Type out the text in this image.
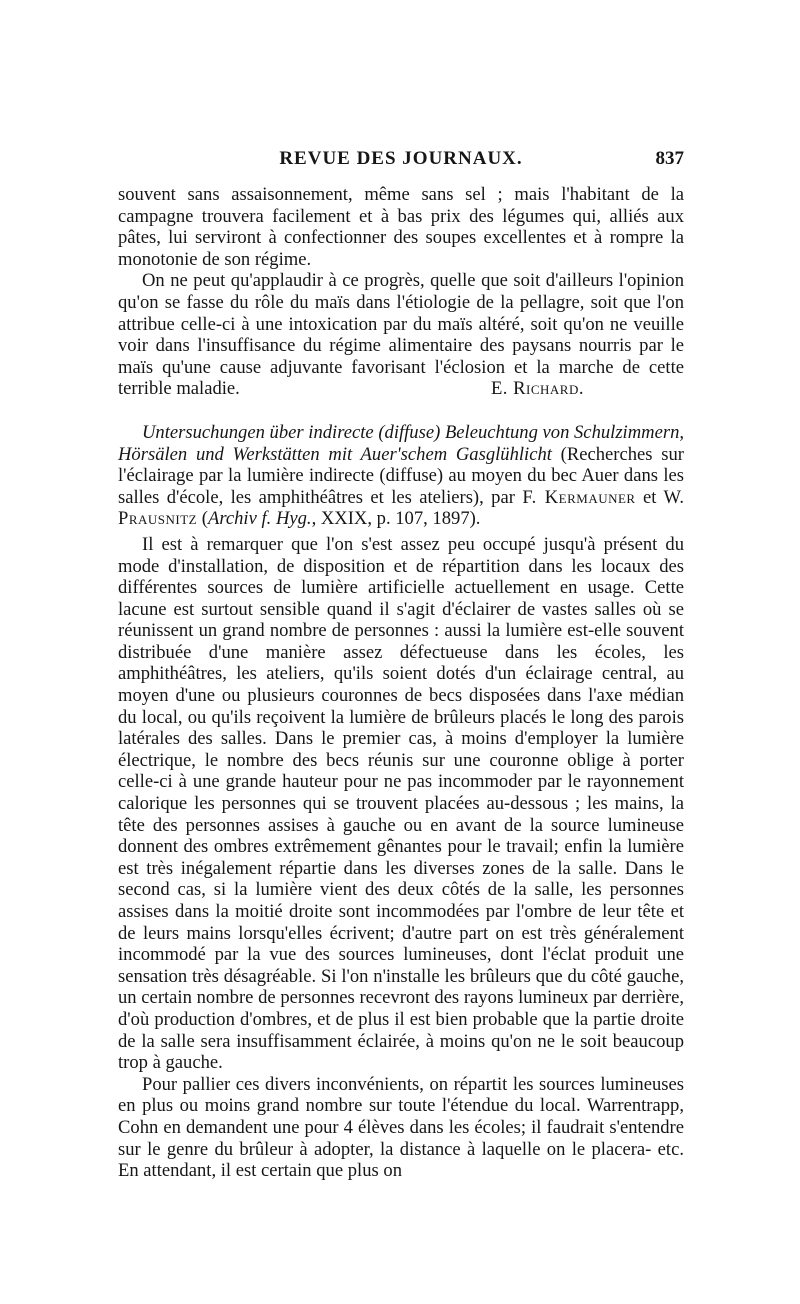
REVUE DES JOURNAUX.	837

souvent sans assaisonnement, même sans sel ; mais l'habitant de la campagne trouvera facilement et à bas prix des légumes qui, alliés aux pâtes, lui serviront à confectionner des soupes excellentes et à rompre la monotonie de son régime.

On ne peut qu'applaudir à ce progrès, quelle que soit d'ailleurs l'opinion qu'on se fasse du rôle du maïs dans l'étiologie de la pellagre, soit que l'on attribue celle-ci à une intoxication par du maïs altéré, soit qu'on ne veuille voir dans l'insuffisance du régime alimentaire des paysans nourris par le maïs qu'une cause adjuvante favorisant l'éclosion et la marche de cette terrible maladie.	E. Richard.

Untersuchungen über indirecte (diffuse) Beleuchtung von Schulzimmern, Hörsälen und Werkstätten mit Auer'schem Gasglühlicht (Recherches sur l'éclairage par la lumière indirecte (diffuse) au moyen du bec Auer dans les salles d'école, les amphithéâtres et les ateliers), par F. Kermauner et W. Prausnitz (Archiv f. Hyg., XXIX, p. 107, 1897).

Il est à remarquer que l'on s'est assez peu occupé jusqu'à présent du mode d'installation, de disposition et de répartition dans les locaux des différentes sources de lumière artificielle actuellement en usage. Cette lacune est surtout sensible quand il s'agit d'éclairer de vastes salles où se réunissent un grand nombre de personnes : aussi la lumière est-elle souvent distribuée d'une manière assez défectueuse dans les écoles, les amphithéâtres, les ateliers, qu'ils soient dotés d'un éclairage central, au moyen d'une ou plusieurs couronnes de becs disposées dans l'axe médian du local, ou qu'ils reçoivent la lumière de brûleurs placés le long des parois latérales des salles. Dans le premier cas, à moins d'employer la lumière électrique, le nombre des becs réunis sur une couronne oblige à porter celle-ci à une grande hauteur pour ne pas incommoder par le rayonnement calorique les personnes qui se trouvent placées au-dessous ; les mains, la tête des personnes assises à gauche ou en avant de la source lumineuse donnent des ombres extrêmement gênantes pour le travail; enfin la lumière est très inégalement répartie dans les diverses zones de la salle. Dans le second cas, si la lumière vient des deux côtés de la salle, les personnes assises dans la moitié droite sont incommodées par l'ombre de leur tête et de leurs mains lorsqu'elles écrivent; d'autre part on est très généralement incommodé par la vue des sources lumineuses, dont l'éclat produit une sensation très désagréable. Si l'on n'installe les brûleurs que du côté gauche, un certain nombre de personnes recevront des rayons lumineux par derrière, d'où production d'ombres, et de plus il est bien probable que la partie droite de la salle sera insuffisamment éclairée, à moins qu'on ne le soit beaucoup trop à gauche.

Pour pallier ces divers inconvénients, on répartit les sources lumineuses en plus ou moins grand nombre sur toute l'étendue du local. Warrentrapp, Cohn en demandent une pour 4 élèves dans les écoles; il faudrait s'entendre sur le genre du brûleur à adopter, la distance à laquelle on le placera- etc. En attendant, il est certain que plus on
